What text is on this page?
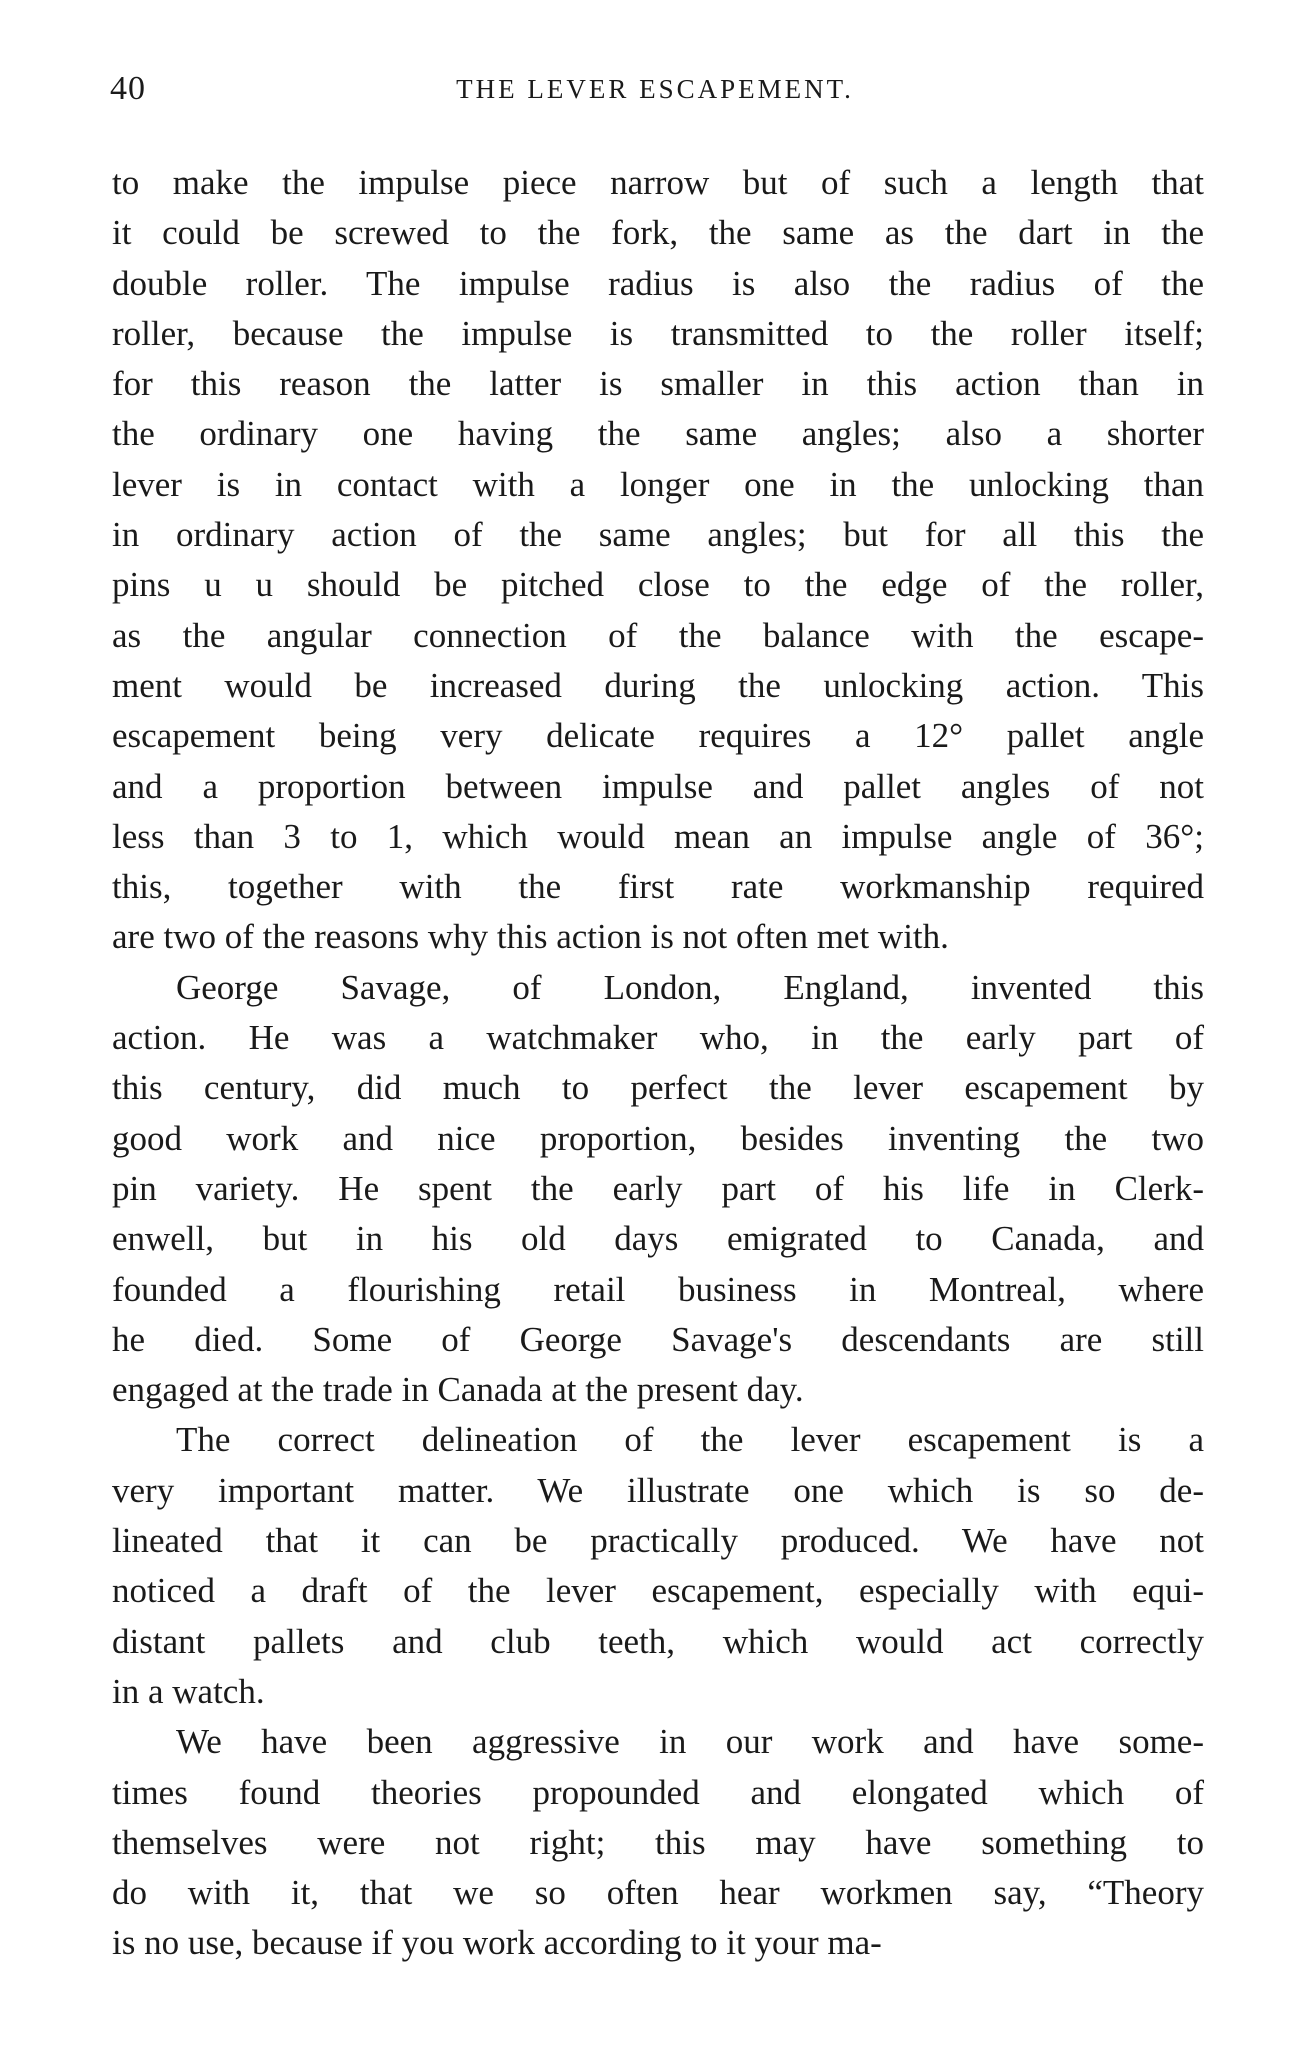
40	THE LEVER ESCAPEMENT.
to make the impulse piece narrow but of such a length that
it could be screwed to the fork, the same as the dart in the
double roller. The impulse radius is also the radius of the
roller, because the impulse is transmitted to the roller itself;
for this reason the latter is smaller in this action than in
the ordinary one having the same angles; also a shorter
lever is in contact with a longer one in the unlocking than
in ordinary action of the same angles; but for all this the
pins u u should be pitched close to the edge of the roller,
as the angular connection of the balance with the escape-
ment would be increased during the unlocking action. This
escapement being very delicate requires a 12° pallet angle
and a proportion between impulse and pallet angles of not
less than 3 to 1, which would mean an impulse angle of 36°;
this, together with the first rate workmanship required
are two of the reasons why this action is not often met with.
George Savage, of London, England, invented this
action. He was a watchmaker who, in the early part of
this century, did much to perfect the lever escapement by
good work and nice proportion, besides inventing the two
pin variety. He spent the early part of his life in Clerk-
enwell, but in his old days emigrated to Canada, and
founded a flourishing retail business in Montreal, where
he died. Some of George Savage's descendants are still
engaged at the trade in Canada at the present day.
The correct delineation of the lever escapement is a
very important matter. We illustrate one which is so de-
lineated that it can be practically produced. We have not
noticed a draft of the lever escapement, especially with equi-
distant pallets and club teeth, which would act correctly
in a watch.
We have been aggressive in our work and have some-
times found theories propounded and elongated which of
themselves were not right; this may have something to
do with it, that we so often hear workmen say, “Theory
is no use, because if you work according to it your ma-
